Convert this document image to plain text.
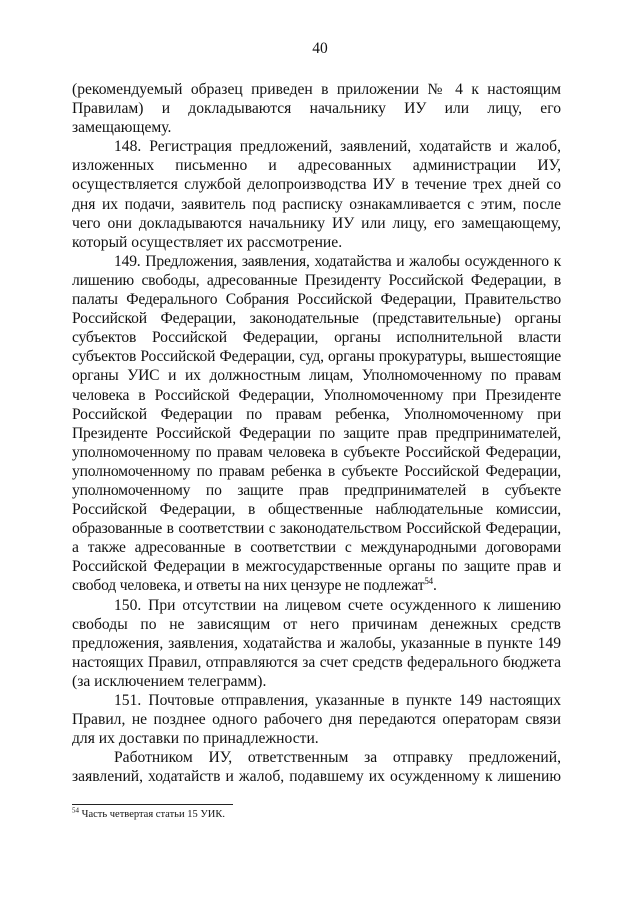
40

(рекомендуемый образец приведен в приложении № 4 к настоящим Правилам) и докладываются начальнику ИУ или лицу, его замещающему.

148. Регистрация предложений, заявлений, ходатайств и жалоб, изложенных письменно и адресованных администрации ИУ, осуществляется службой делопроизводства ИУ в течение трех дней со дня их подачи, заявитель под расписку ознакамливается с этим, после чего они докладываются начальнику ИУ или лицу, его замещающему, который осуществляет их рассмотрение.

149. Предложения, заявления, ходатайства и жалобы осужденного к лишению свободы, адресованные Президенту Российской Федерации, в палаты Федерального Собрания Российской Федерации, Правительство Российской Федерации, законодательные (представительные) органы субъектов Российской Федерации, органы исполнительной власти субъектов Российской Федерации, суд, органы прокуратуры, вышестоящие органы УИС и их должностным лицам, Уполномоченному по правам человека в Российской Федерации, Уполномоченному при Президенте Российской Федерации по правам ребенка, Уполномоченному при Президенте Российской Федерации по защите прав предпринимателей, уполномоченному по правам человека в субъекте Российской Федерации, уполномоченному по правам ребенка в субъекте Российской Федерации, уполномоченному по защите прав предпринимателей в субъекте Российской Федерации, в общественные наблюдательные комиссии, образованные в соответствии с законодательством Российской Федерации, а также адресованные в соответствии с международными договорами Российской Федерации в межгосударственные органы по защите прав и свобод человека, и ответы на них цензуре не подлежат$^{54}$.

150. При отсутствии на лицевом счете осужденного к лишению свободы по не зависящим от него причинам денежных средств предложения, заявления, ходатайства и жалобы, указанные в пункте 149 настоящих Правил, отправляются за счет средств федерального бюджета (за исключением телеграмм).

151. Почтовые отправления, указанные в пункте 149 настоящих Правил, не позднее одного рабочего дня передаются операторам связи для их доставки по принадлежности.

Работником ИУ, ответственным за отправку предложений, заявлений, ходатайств и жалоб, подавшему их осужденному к лишению

$^{54}$ Часть четвертая статьи 15 УИК.
